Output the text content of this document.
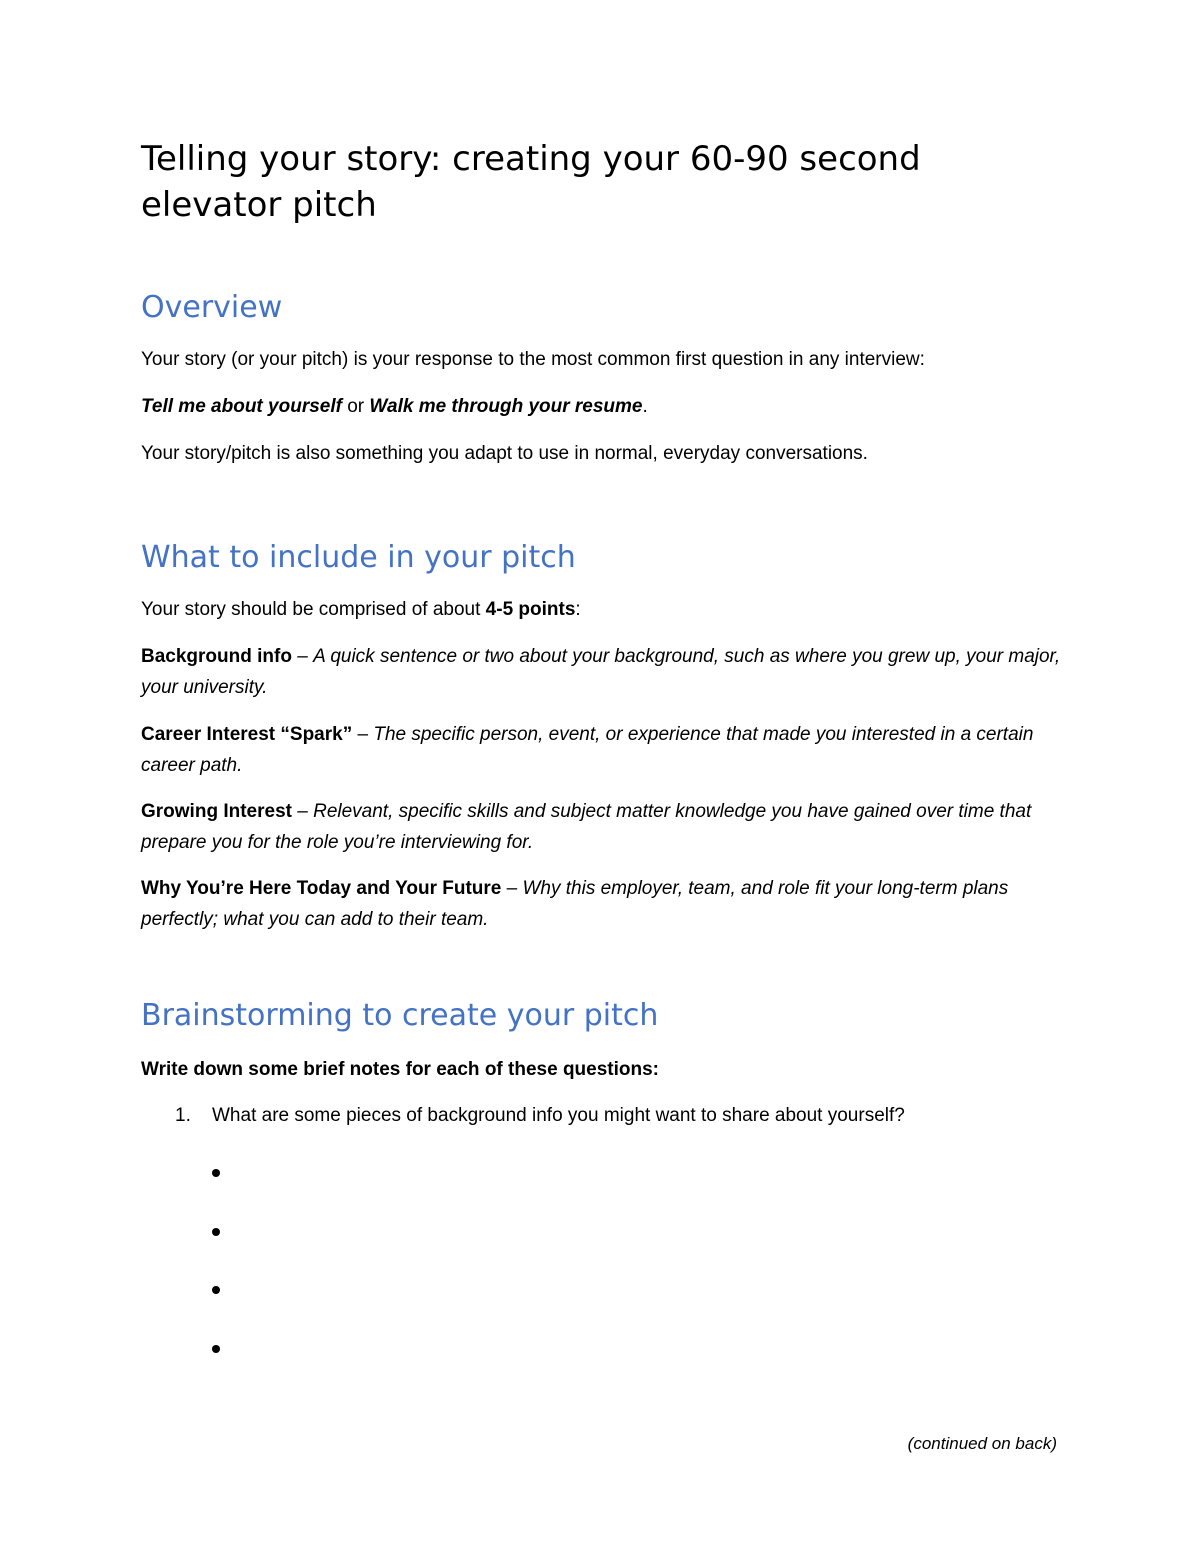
Telling your story: creating your 60-90 second elevator pitch
Overview

Your story (or your pitch) is your response to the most common first question in any interview:

Tell me about yourself or Walk me through your resume.

Your story/pitch is also something you adapt to use in normal, everyday conversations.

What to include in your pitch

Your story should be comprised of about 4-5 points:

Background info – A quick sentence or two about your background, such as where you grew up, your major, your university.

Career Interest “Spark” – The specific person, event, or experience that made you interested in a certain career path.

Growing Interest – Relevant, specific skills and subject matter knowledge you have gained over time that prepare you for the role you’re interviewing for.

Why You’re Here Today and Your Future – Why this employer, team, and role fit your long-term plans perfectly; what you can add to their team.

Brainstorming to create your pitch

Write down some brief notes for each of these questions:

1. What are some pieces of background info you might want to share about yourself?

(continued on back)
